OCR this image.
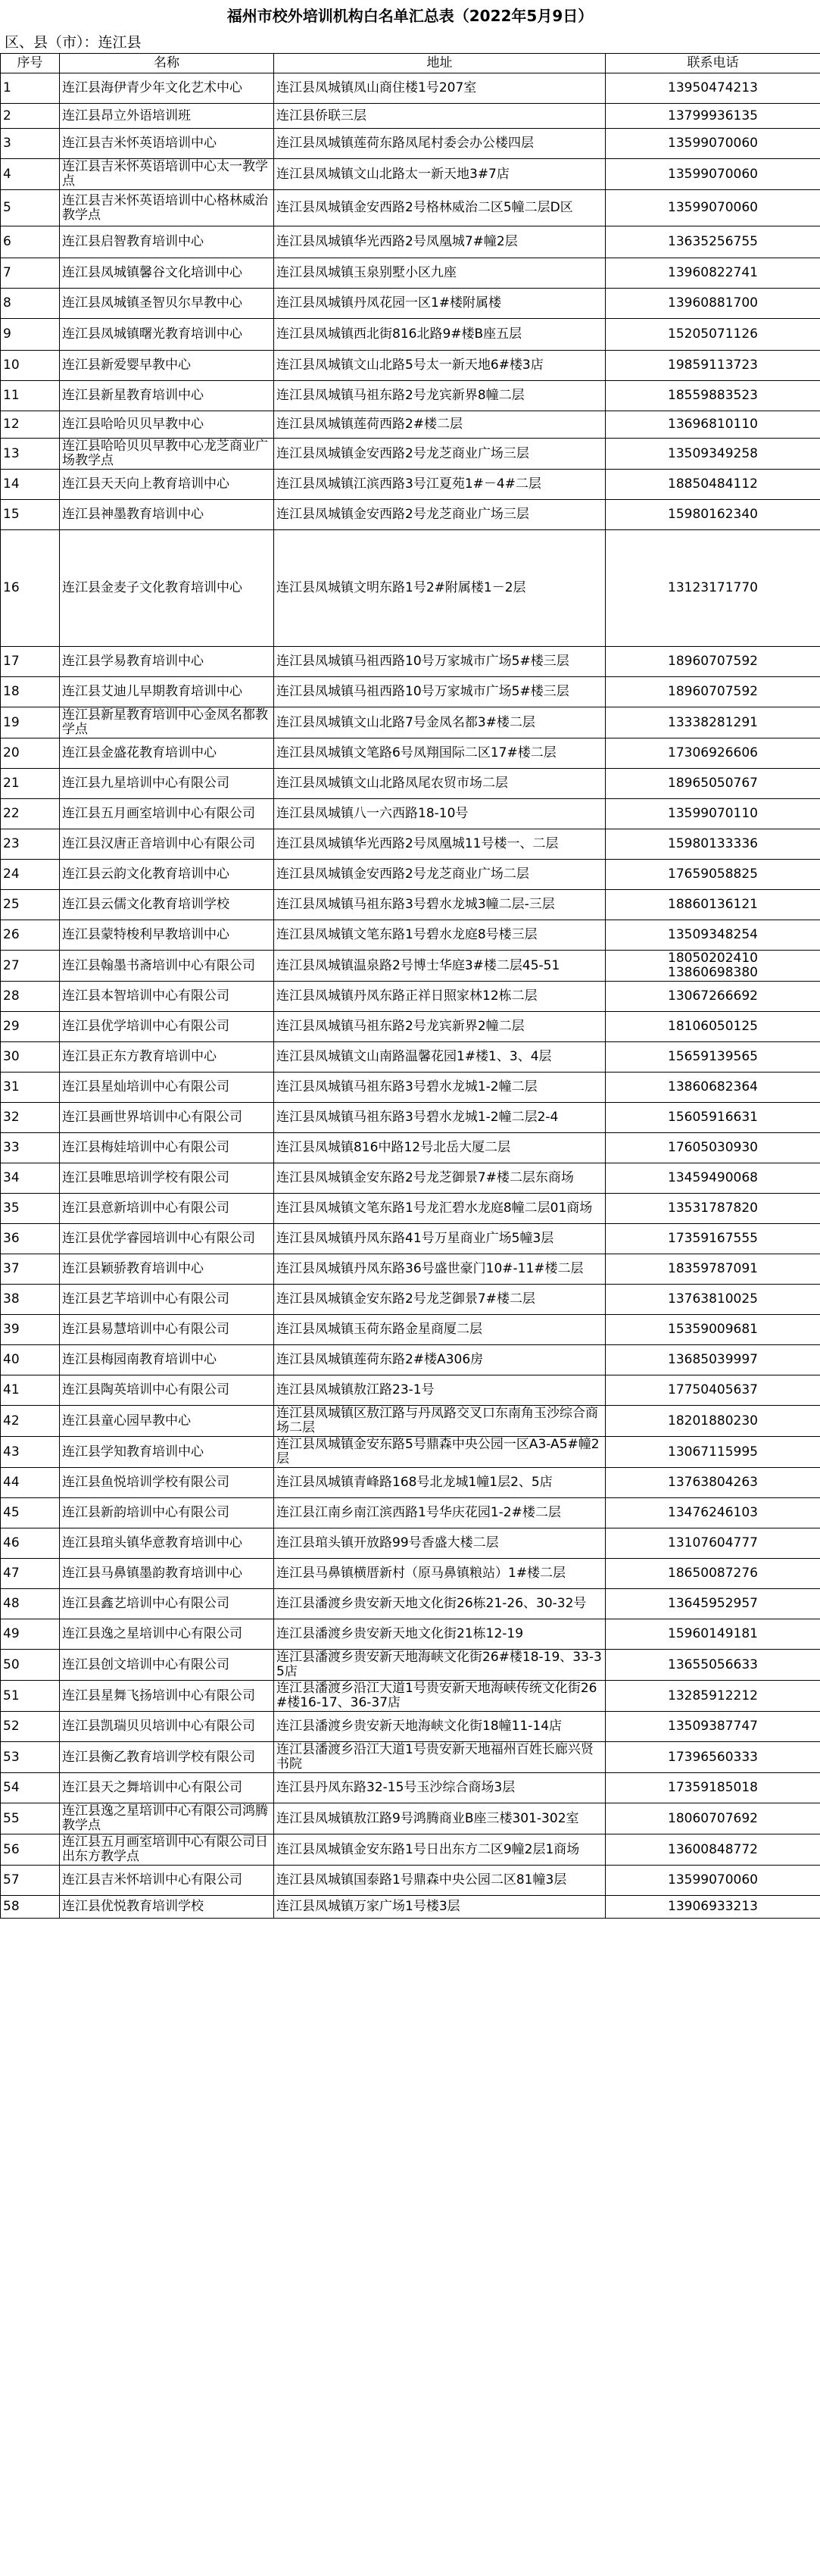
福州市校外培训机构白名单汇总表（2022年5月9日）
区、县（市）：连江县
序号	名称	地址	联系电话
1	连江县海伊青少年文化艺术中心	连江县凤城镇凤山商住楼1号207室	13950474213
2	连江县昂立外语培训班	连江县侨联三层	13799936135
3	连江县吉米怀英语培训中心	连江县凤城镇莲荷东路凤尾村委会办公楼四层	13599070060
4	连江县吉米怀英语培训中心太一教学点	连江县凤城镇文山北路太一新天地3#7店	13599070060
5	连江县吉米怀英语培训中心格林威治教学点	连江县凤城镇金安西路2号格林威治二区5幢二层D区	13599070060
6	连江县启智教育培训中心	连江县凤城镇华光西路2号凤凰城7#幢2层	13635256755
7	连江县凤城镇馨谷文化培训中心	连江县凤城镇玉泉别墅小区九座	13960822741
8	连江县凤城镇圣智贝尔早教中心	连江县凤城镇丹凤花园一区1#楼附属楼	13960881700
9	连江县凤城镇曙光教育培训中心	连江县凤城镇西北街816北路9#楼B座五层	15205071126
10	连江县新爱婴早教中心	连江县凤城镇文山北路5号太一新天地6#楼3店	19859113723
11	连江县新星教育培训中心	连江县凤城镇马祖东路2号龙宾新界8幢二层	18559883523
12	连江县哈哈贝贝早教中心	连江县凤城镇莲荷西路2#楼二层	13696810110
13	连江县哈哈贝贝早教中心龙芝商业广场教学点	连江县凤城镇金安西路2号龙芝商业广场三层	13509349258
14	连江县天天向上教育培训中心	连江县凤城镇江滨西路3号江夏苑1#－4#二层	18850484112
15	连江县神墨教育培训中心	连江县凤城镇金安西路2号龙芝商业广场三层	15980162340
16	连江县金麦子文化教育培训中心	连江县凤城镇文明东路1号2#附属楼1－2层	13123171770
17	连江县学易教育培训中心	连江县凤城镇马祖西路10号万家城市广场5#楼三层	18960707592
18	连江县艾迪儿早期教育培训中心	连江县凤城镇马祖西路10号万家城市广场5#楼三层	18960707592
19	连江县新星教育培训中心金凤名都教学点	连江县凤城镇文山北路7号金凤名都3#楼二层	13338281291
20	连江县金盛花教育培训中心	连江县凤城镇文笔路6号凤翔国际二区17#楼二层	17306926606
21	连江县九星培训中心有限公司	连江县凤城镇文山北路凤尾农贸市场二层	18965050767
22	连江县五月画室培训中心有限公司	连江县凤城镇八一六西路18-10号	13599070110
23	连江县汉唐正音培训中心有限公司	连江县凤城镇华光西路2号凤凰城11号楼一、二层	15980133336
24	连江县云韵文化教育培训中心	连江县凤城镇金安西路2号龙芝商业广场二层	17659058825
25	连江县云儒文化教育培训学校	连江县凤城镇马祖东路3号碧水龙城3幢二层-三层	18860136121
26	连江县蒙特梭利早教培训中心	连江县凤城镇文笔东路1号碧水龙庭8号楼三层	13509348254
27	连江县翰墨书斋培训中心有限公司	连江县凤城镇温泉路2号博士华庭3#楼二层45-51	18050202410
13860698380
28	连江县本智培训中心有限公司	连江县凤城镇丹凤东路正祥日照家林12栋二层	13067266692
29	连江县优学培训中心有限公司	连江县凤城镇马祖东路2号龙宾新界2幢二层	18106050125
30	连江县正东方教育培训中心	连江县凤城镇文山南路温馨花园1#楼1、3、4层	15659139565
31	连江县星灿培训中心有限公司	连江县凤城镇马祖东路3号碧水龙城1-2幢二层	13860682364
32	连江县画世界培训中心有限公司	连江县凤城镇马祖东路3号碧水龙城1-2幢二层2-4	15605916631
33	连江县梅娃培训中心有限公司	连江县凤城镇816中路12号北岳大厦二层	17605030930
34	连江县唯思培训学校有限公司	连江县凤城镇金安东路2号龙芝御景7#楼二层东商场	13459490068
35	连江县意新培训中心有限公司	连江县凤城镇文笔东路1号龙汇碧水龙庭8幢二层01商场	13531787820
36	连江县优学睿园培训中心有限公司	连江县凤城镇丹凤东路41号万星商业广场5幢3层	17359167555
37	连江县颖骄教育培训中心	连江县凤城镇丹凤东路36号盛世豪门10#-11#楼二层	18359787091
38	连江县艺芊培训中心有限公司	连江县凤城镇金安东路2号龙芝御景7#楼二层	13763810025
39	连江县易慧培训中心有限公司	连江县凤城镇玉荷东路金星商厦二层	15359009681
40	连江县梅园南教育培训中心	连江县凤城镇莲荷东路2#楼A306房	13685039997
41	连江县陶英培训中心有限公司	连江县凤城镇敖江路23-1号	17750405637
42	连江县童心园早教中心	连江县凤城镇区敖江路与丹凤路交叉口东南角玉沙综合商场二层	18201880230
43	连江县学知教育培训中心	连江县凤城镇金安东路5号鼎森中央公园一区A3-A5#幢2层	13067115995
44	连江县鱼悦培训学校有限公司	连江县凤城镇青峰路168号北龙城1幢1层2、5店	13763804263
45	连江县新韵培训中心有限公司	连江县江南乡南江滨西路1号华庆花园1-2#楼二层	13476246103
46	连江县琯头镇华意教育培训中心	连江县琯头镇开放路99号香盛大楼二层	13107604777
47	连江县马鼻镇墨韵教育培训中心	连江县马鼻镇横厝新村（原马鼻镇粮站）1#楼二层	18650087276
48	连江县鑫艺培训中心有限公司	连江县潘渡乡贵安新天地文化街26栋21-26、30-32号	13645952957
49	连江县逸之星培训中心有限公司	连江县潘渡乡贵安新天地文化街21栋12-19	15960149181
50	连江县创文培训中心有限公司	连江县潘渡乡贵安新天地海峡文化街26#楼18-19、33-35店	13655056633
51	连江县星舞飞扬培训中心有限公司	连江县潘渡乡沿江大道1号贵安新天地海峡传统文化街26#楼16-17、36-37店	13285912212
52	连江县凯瑞贝贝培训中心有限公司	连江县潘渡乡贵安新天地海峡文化街18幢11-14店	13509387747
53	连江县衡乙教育培训学校有限公司	连江县潘渡乡沿江大道1号贵安新天地福州百姓长廊兴贤书院	17396560333
54	连江县天之舞培训中心有限公司	连江县丹凤东路32-15号玉沙综合商场3层	17359185018
55	连江县逸之星培训中心有限公司鸿腾教学点	连江县凤城镇敖江路9号鸿腾商业B座三楼301-302室	18060707692
56	连江县五月画室培训中心有限公司日出东方教学点	连江县凤城镇金安东路1号日出东方二区9幢2层1商场	13600848772
57	连江县吉米怀培训中心有限公司	连江县凤城镇国泰路1号鼎森中央公园二区81幢3层	13599070060
58	连江县优悦教育培训学校	连江县凤城镇万家广场1号楼3层	13906933213
